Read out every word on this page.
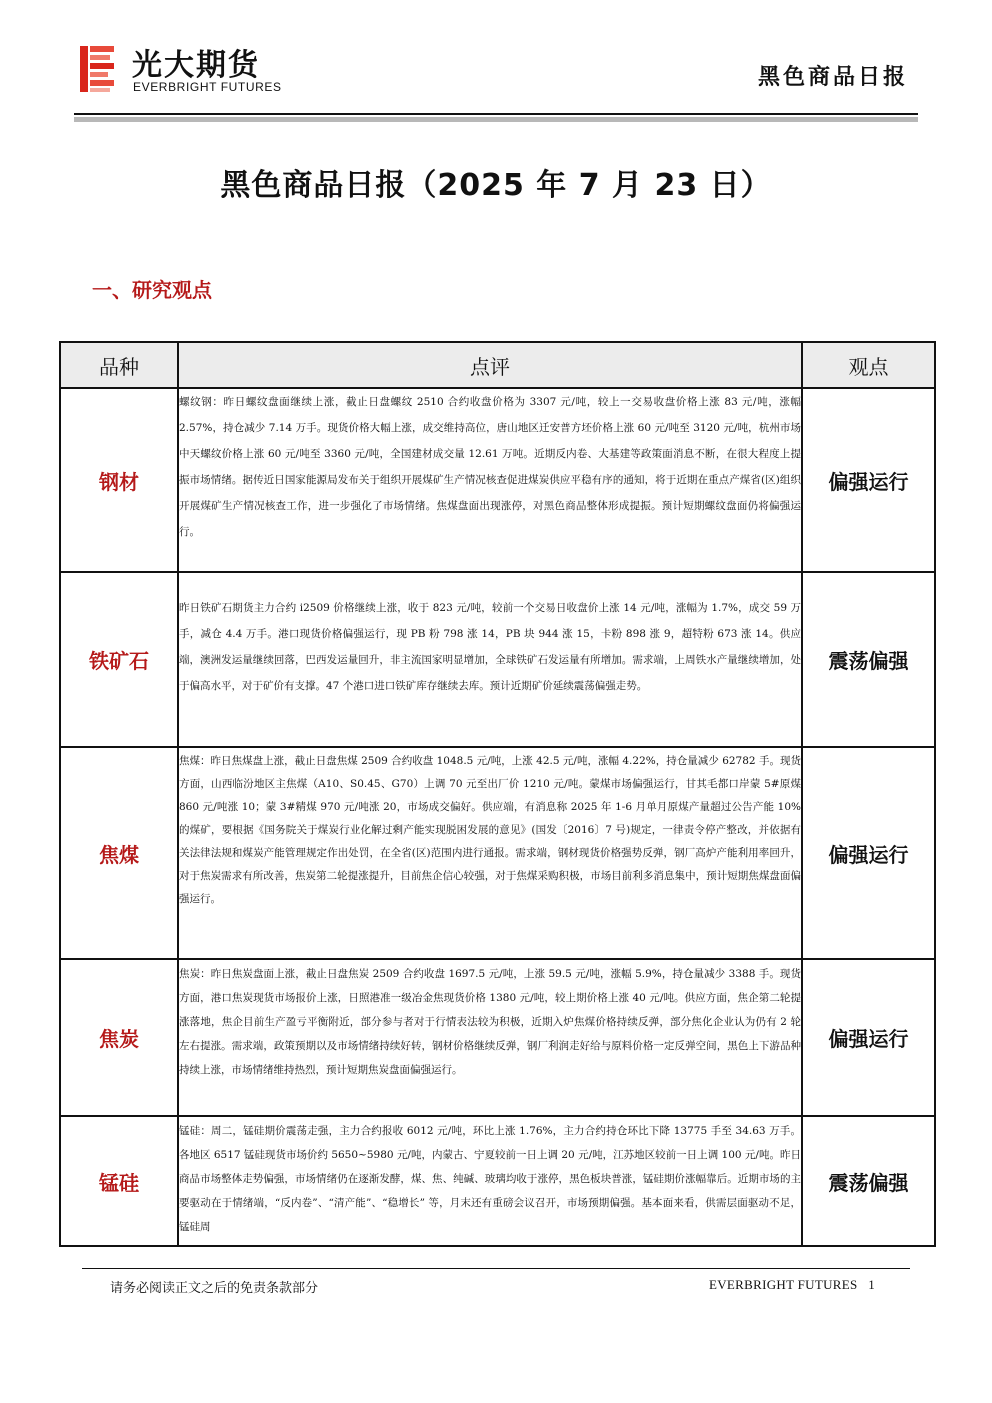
光大期货
EVERBRIGHT FUTURES	黑色商品日报
黑色商品日报（2025 年 7 月 23 日）
一、研究观点
品种	点评	观点
钢材	螺纹钢：昨日螺纹盘面继续上涨，截止日盘螺纹 2510 合约收盘价格为 3307 元/吨，较上一交易收盘价格上涨 83 元/吨，涨幅 2.57%，持仓减少 7.14 万手。现货价格大幅上涨，成交维持高位，唐山地区迁安普方坯价格上涨 60 元/吨至 3120 元/吨，杭州市场中天螺纹价格上涨 60 元/吨至 3360 元/吨，全国建材成交量 12.61 万吨。近期反内卷、大基建等政策面消息不断，在很大程度上提振市场情绪。据传近日国家能源局发布关于组织开展煤矿生产情况核查促进煤炭供应平稳有序的通知，将于近期在重点产煤省(区)组织开展煤矿生产情况核查工作，进一步强化了市场情绪。焦煤盘面出现涨停，对黑色商品整体形成提振。预计短期螺纹盘面仍将偏强运行。	偏强运行
铁矿石	昨日铁矿石期货主力合约 i2509 价格继续上涨，收于 823 元/吨，较前一个交易日收盘价上涨 14 元/吨，涨幅为 1.7%，成交 59 万手，减仓 4.4 万手。港口现货价格偏强运行，现 PB 粉 798 涨 14，PB 块 944 涨 15，卡粉 898 涨 9，超特粉 673 涨 14。供应端，澳洲发运量继续回落，巴西发运量回升，非主流国家明显增加，全球铁矿石发运量有所增加。需求端，上周铁水产量继续增加，处于偏高水平，对于矿价有支撑。47 个港口进口铁矿库存继续去库。预计近期矿价延续震荡偏强走势。	震荡偏强
焦煤	焦煤：昨日焦煤盘上涨，截止日盘焦煤 2509 合约收盘 1048.5 元/吨，上涨 42.5 元/吨，涨幅 4.22%，持仓量减少 62782 手。现货方面，山西临汾地区主焦煤（A10、S0.45、G70）上调 70 元至出厂价 1210 元/吨。蒙煤市场偏强运行，甘其毛都口岸蒙 5#原煤 860 元/吨涨 10；蒙 3#精煤 970 元/吨涨 20，市场成交偏好。供应端，有消息称 2025 年 1-6 月单月原煤产量超过公告产能 10%的煤矿，要根据《国务院关于煤炭行业化解过剩产能实现脱困发展的意见》(国发〔2016〕7 号)规定，一律责令停产整改，并依据有关法律法规和煤炭产能管理规定作出处罚，在全省(区)范围内进行通报。需求端，钢材现货价格强势反弹，钢厂高炉产能利用率回升，对于焦炭需求有所改善，焦炭第二轮提涨提升，目前焦企信心较强，对于焦煤采购积极，市场目前利多消息集中，预计短期焦煤盘面偏强运行。	偏强运行
焦炭	焦炭：昨日焦炭盘面上涨，截止日盘焦炭 2509 合约收盘 1697.5 元/吨，上涨 59.5 元/吨，涨幅 5.9%，持仓量减少 3388 手。现货方面，港口焦炭现货市场报价上涨，日照港准一级冶金焦现货价格 1380 元/吨，较上期价格上涨 40 元/吨。供应方面，焦企第二轮提涨落地，焦企目前生产盈亏平衡附近，部分参与者对于行情表法较为积极，近期入炉焦煤价格持续反弹，部分焦化企业认为仍有 2 轮左右提涨。需求端，政策预期以及市场情绪持续好转，钢材价格继续反弹，钢厂利润走好给与原料价格一定反弹空间，黑色上下游品种持续上涨，市场情绪维持热烈，预计短期焦炭盘面偏强运行。	偏强运行
锰硅	锰硅：周二，锰硅期价震荡走强，主力合约报收 6012 元/吨，环比上涨 1.76%，主力合约持仓环比下降 13775 手至 34.63 万手。各地区 6517 锰硅现货市场价约 5650~5980 元/吨，内蒙古、宁夏较前一日上调 20 元/吨，江苏地区较前一日上调 100 元/吨。昨日商品市场整体走势偏强，市场情绪仍在逐渐发酵，煤、焦、纯碱、玻璃均收于涨停，黑色板块普涨，锰硅期价涨幅靠后。近期市场的主要驱动在于情绪端，“反内卷”、“清产能”、“稳增长” 等，月末还有重磅会议召开，市场预期偏强。基本面来看，供需层面驱动不足，锰硅周	震荡偏强
请务必阅读正文之后的免责条款部分	EVERBRIGHT FUTURES 1
